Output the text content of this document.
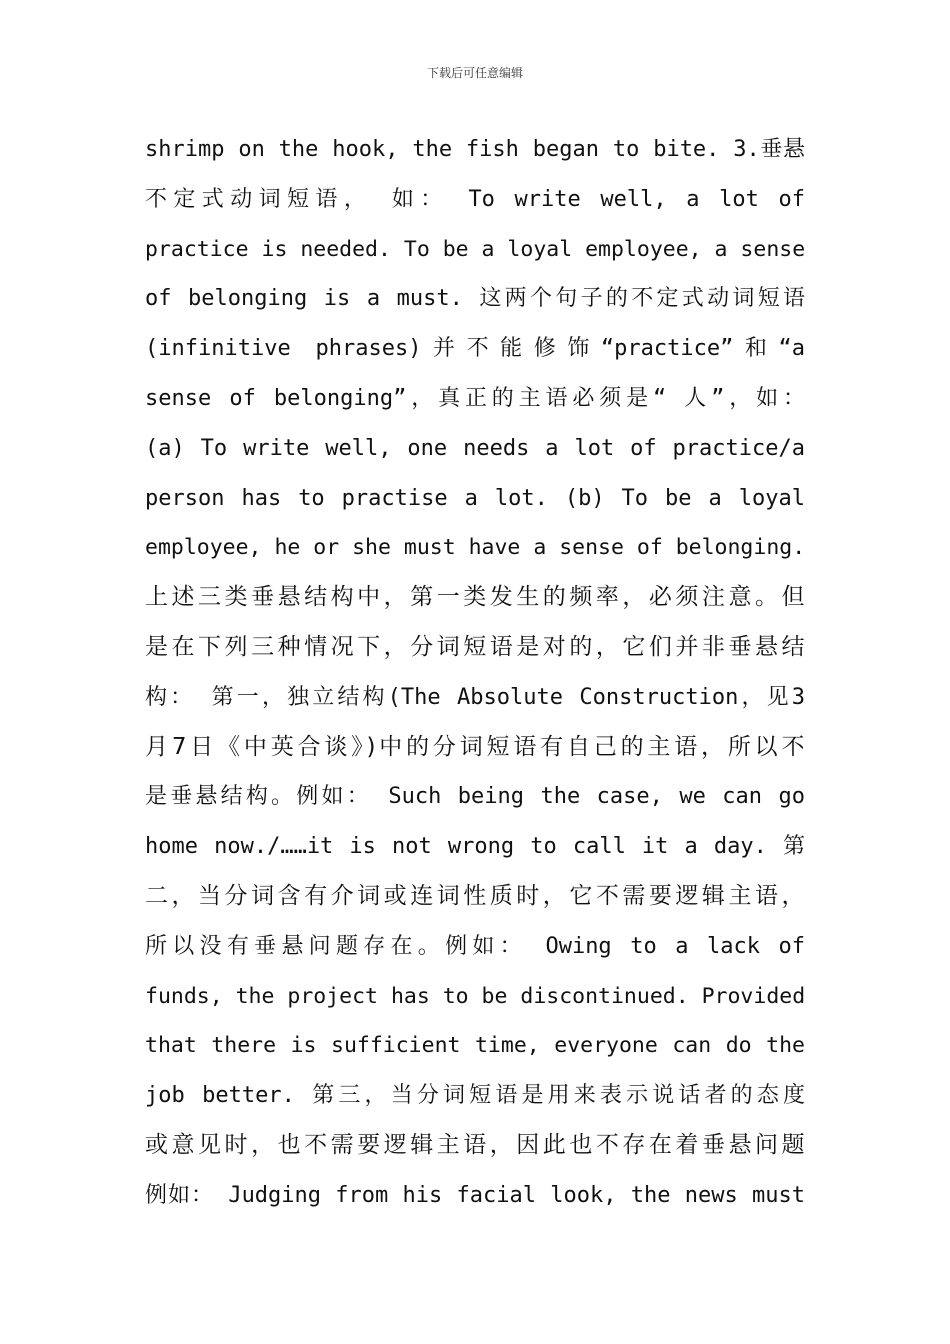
下载后可任意编辑
shrimp on the hook, the fish began to bite. 3.垂悬
不定式动词短语， 如： To write well, a lot of
practice is needed. To be a loyal employee, a sense
of belonging is a must. 这两个句子的不定式动词短语
(infinitive phrases)并不能修饰“practice”和“a
sense of belonging”，真正的主语必须是“ 人”，如：
(a) To write well, one needs a lot of practice/a
person has to practise a lot. (b) To be a loyal
employee, he or she must have a sense of belonging.
上述三类垂悬结构中，第一类发生的频率，必须注意。但
是在下列三种情况下，分词短语是对的，它们并非垂悬结
构： 第一，独立结构(The Absolute Construction，见3
月7日《中英合谈》)中的分词短语有自己的主语，所以不
是垂悬结构。例如： Such being the case, we can go
home now./……it is not wrong to call it a day. 第
二，当分词含有介词或连词性质时，它不需要逻辑主语，
所以没有垂悬问题存在。例如： Owing to a lack of
funds, the project has to be discontinued. Provided
that there is sufficient time, everyone can do the
job better. 第三，当分词短语是用来表示说话者的态度
或意见时，也不需要逻辑主语，因此也不存在着垂悬问题
例如： Judging from his facial look, the news must
